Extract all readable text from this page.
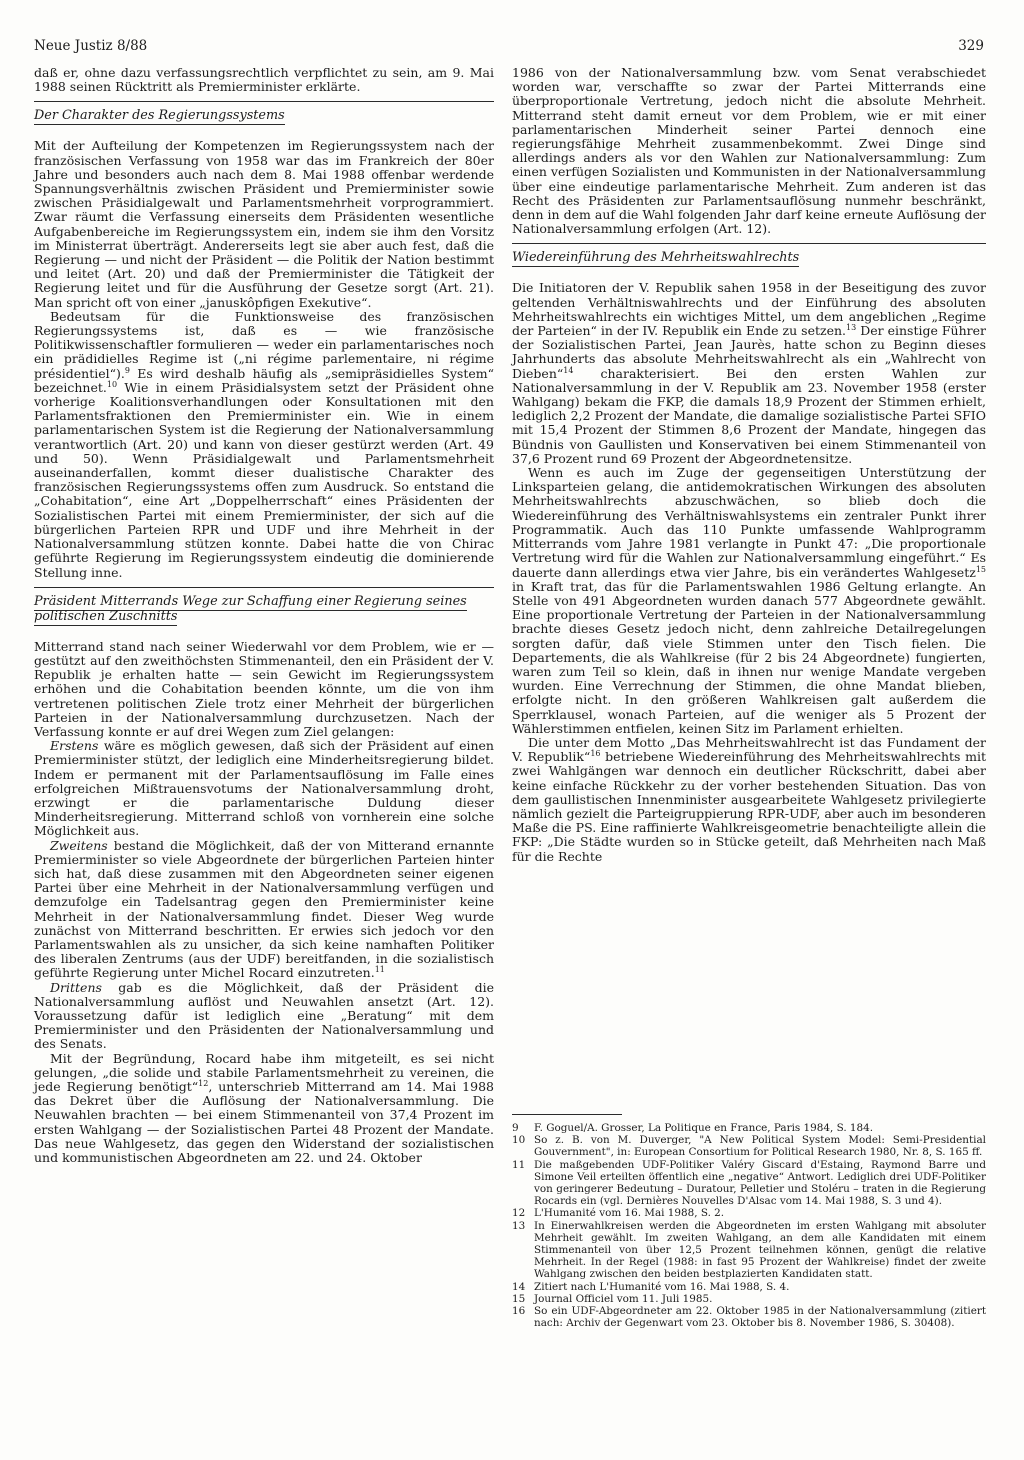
Neue Justiz 8/88	329

daß er, ohne dazu verfassungsrechtlich verpflichtet zu sein, am 9. Mai 1988 seinen Rücktritt als Premierminister erklärte.

Der Charakter des Regierungssystems

Mit der Aufteilung der Kompetenzen im Regierungssystem nach der französischen Verfassung von 1958 war das im Frankreich der 80er Jahre und besonders auch nach dem 8. Mai 1988 offenbar werdende Spannungsverhältnis zwischen Präsident und Premierminister sowie zwischen Präsidialgewalt und Parlamentsmehrheit vorprogrammiert. Zwar räumt die Verfassung einerseits dem Präsidenten wesentliche Aufgabenbereiche im Regierungssystem ein, indem sie ihm den Vorsitz im Ministerrat überträgt. Andererseits legt sie aber auch fest, daß die Regierung — und nicht der Präsident — die Politik der Nation bestimmt und leitet (Art. 20) und daß der Premierminister die Tätigkeit der Regierung leitet und für die Ausführung der Gesetze sorgt (Art. 21). Man spricht oft von einer „januskôpfigen Exekutive“.

Bedeutsam für die Funktionsweise des französischen Regierungssystems ist, daß es — wie französische Politikwissenschaftler formulieren — weder ein parlamentarisches noch ein prädidielles Regime ist („ni régime parlementaire, ni régime présidentiel“).$^9$ Es wird deshalb häufig als „semipräsidielles System“ bezeichnet.$^{10}$ Wie in einem Präsidialsystem setzt der Präsident ohne vorherige Koalitionsverhandlungen oder Konsultationen mit den Parlamentsfraktionen den Premierminister ein. Wie in einem parlamentarischen System ist die Regierung der Nationalversammlung verantwortlich (Art. 20) und kann von dieser gestürzt werden (Art. 49 und 50). Wenn Präsidialgewalt und Parlamentsmehrheit auseinanderfallen, kommt dieser dualistische Charakter des französischen Regierungssystems offen zum Ausdruck. So entstand die „Cohabitation“, eine Art „Doppelherrschaft“ eines Präsidenten der Sozialistischen Partei mit einem Premierminister, der sich auf die bürgerlichen Parteien RPR und UDF und ihre Mehrheit in der Nationalversammlung stützen konnte. Dabei hatte die von Chirac geführte Regierung im Regierungssystem eindeutig die dominierende Stellung inne.

Präsident Mitterrands Wege zur Schaffung einer Regierung seines politischen Zuschnitts

Mitterrand stand nach seiner Wiederwahl vor dem Problem, wie er — gestützt auf den zweithöchsten Stimmenanteil, den ein Präsident der V. Republik je erhalten hatte — sein Gewicht im Regierungssystem erhöhen und die Cohabitation beenden könnte, um die von ihm vertretenen politischen Ziele trotz einer Mehrheit der bürgerlichen Parteien in der Nationalversammlung durchzusetzen. Nach der Verfassung konnte er auf drei Wegen zum Ziel gelangen:

Erstens wäre es möglich gewesen, daß sich der Präsident auf einen Premierminister stützt, der lediglich eine Minderheitsregierung bildet. Indem er permanent mit der Parlamentsauflösung im Falle eines erfolgreichen Mißtrauensvotums der Nationalversammlung droht, erzwingt er die parlamentarische Duldung dieser Minderheitsregierung. Mitterrand schloß von vornherein eine solche Möglichkeit aus.

Zweitens bestand die Möglichkeit, daß der von Mitterand ernannte Premierminister so viele Abgeordnete der bürgerlichen Parteien hinter sich hat, daß diese zusammen mit den Abgeordneten seiner eigenen Partei über eine Mehrheit in der Nationalversammlung verfügen und demzufolge ein Tadelsantrag gegen den Premierminister keine Mehrheit in der Nationalversammlung findet. Dieser Weg wurde zunächst von Mitterrand beschritten. Er erwies sich jedoch vor den Parlamentswahlen als zu unsicher, da sich keine namhaften Politiker des liberalen Zentrums (aus der UDF) bereitfanden, in die sozialistisch geführte Regierung unter Michel Rocard einzutreten.$^{11}$

Drittens gab es die Möglichkeit, daß der Präsident die Nationalversammlung auflöst und Neuwahlen ansetzt (Art. 12). Voraussetzung dafür ist lediglich eine „Beratung“ mit dem Premierminister und den Präsidenten der Nationalversammlung und des Senats.

Mit der Begründung, Rocard habe ihm mitgeteilt, es sei nicht gelungen, „die solide und stabile Parlamentsmehrheit zu vereinen, die jede Regierung benötigt“$^{12}$, unterschrieb Mitterrand am 14. Mai 1988 das Dekret über die Auflösung der Nationalversammlung. Die Neuwahlen brachten — bei einem Stimmenanteil von 37,4 Prozent im ersten Wahlgang — der Sozialistischen Partei 48 Prozent der Mandate. Das neue Wahlgesetz, das gegen den Widerstand der sozialistischen und kommunistischen Abgeordneten am 22. und 24. Oktober

1986 von der Nationalversammlung bzw. vom Senat verabschiedet worden war, verschaffte so zwar der Partei Mitterrands eine überproportionale Vertretung, jedoch nicht die absolute Mehrheit. Mitterrand steht damit erneut vor dem Problem, wie er mit einer parlamentarischen Minderheit seiner Partei dennoch eine regierungsfähige Mehrheit zusammenbekommt. Zwei Dinge sind allerdings anders als vor den Wahlen zur Nationalversammlung: Zum einen verfügen Sozialisten und Kommunisten in der Nationalversammlung über eine eindeutige parlamentarische Mehrheit. Zum anderen ist das Recht des Präsidenten zur Parlamentsauflösung nunmehr beschränkt, denn in dem auf die Wahl folgenden Jahr darf keine erneute Auflösung der Nationalversammlung erfolgen (Art. 12).

Wiedereinführung des Mehrheitswahlrechts

Die Initiatoren der V. Republik sahen 1958 in der Beseitigung des zuvor geltenden Verhältniswahlrechts und der Einführung des absoluten Mehrheitswahlrechts ein wichtiges Mittel, um dem angeblichen „Regime der Parteien“ in der IV. Republik ein Ende zu setzen.$^{13}$ Der einstige Führer der Sozialistischen Partei, Jean Jaurès, hatte schon zu Beginn dieses Jahrhunderts das absolute Mehrheitswahlrecht als ein „Wahlrecht von Dieben“$^{14}$ charakterisiert. Bei den ersten Wahlen zur Nationalversammlung in der V. Republik am 23. November 1958 (erster Wahlgang) bekam die FKP, die damals 18,9 Prozent der Stimmen erhielt, lediglich 2,2 Prozent der Mandate, die damalige sozialistische Partei SFIO mit 15,4 Prozent der Stimmen 8,6 Prozent der Mandate, hingegen das Bündnis von Gaullisten und Konservativen bei einem Stimmenanteil von 37,6 Prozent rund 69 Prozent der Abgeordnetensitze.

Wenn es auch im Zuge der gegenseitigen Unterstützung der Linksparteien gelang, die antidemokratischen Wirkungen des absoluten Mehrheitswahlrechts abzuschwächen, so blieb doch die Wiedereinführung des Verhältniswahlsystems ein zentraler Punkt ihrer Programmatik. Auch das 110 Punkte umfassende Wahlprogramm Mitterrands vom Jahre 1981 verlangte in Punkt 47: „Die proportionale Vertretung wird für die Wahlen zur Nationalversammlung eingeführt.“ Es dauerte dann allerdings etwa vier Jahre, bis ein verändertes Wahlgesetz$^{15}$ in Kraft trat, das für die Parlamentswahlen 1986 Geltung erlangte. An Stelle von 491 Abgeordneten wurden danach 577 Abgeordnete gewählt. Eine proportionale Vertretung der Parteien in der Nationalversammlung brachte dieses Gesetz jedoch nicht, denn zahlreiche Detailregelungen sorgten dafür, daß viele Stimmen unter den Tisch fielen. Die Departements, die als Wahlkreise (für 2 bis 24 Abgeordnete) fungierten, waren zum Teil so klein, daß in ihnen nur wenige Mandate vergeben wurden. Eine Verrechnung der Stimmen, die ohne Mandat blieben, erfolgte nicht. In den größeren Wahlkreisen galt außerdem die Sperrklausel, wonach Parteien, auf die weniger als 5 Prozent der Wählerstimmen entfielen, keinen Sitz im Parlament erhielten.

Die unter dem Motto „Das Mehrheitswahlrecht ist das Fundament der V. Republik“$^{16}$ betriebene Wiedereinführung des Mehrheitswahlrechts mit zwei Wahlgängen war dennoch ein deutlicher Rückschritt, dabei aber keine einfache Rückkehr zu der vorher bestehenden Situation. Das von dem gaullistischen Innenminister ausgearbeitete Wahlgesetz privilegierte nämlich gezielt die Parteigruppierung RPR-UDF, aber auch im besonderen Maße die PS. Eine raffinierte Wahlkreisgeometrie benachteiligte allein die FKP: „Die Städte wurden so in Stücke geteilt, daß Mehrheiten nach Maß für die Rechte

9	F. Goguel/A. Grosser, La Politique en France, Paris 1984, S. 184.
10 So z. B. von M. Duverger, "A New Political System Model: Semi-Presidential Gouvernment", in: European Consortium for Political Research 1980, Nr. 8, S. 165 ff.
11 Die maßgebenden UDF-Politiker Valéry Giscard d'Estaing, Raymond Barre und Simone Veil erteilten öffentlich eine „negative“ Antwort. Lediglich drei UDF-Politiker von geringerer Bedeutung – Duratour, Pelletier und Stoléru – traten in die Regierung Rocards ein (vgl. Dernières Nouvelles D'Alsac vom 14. Mai 1988, S. 3 und 4).
12 L'Humanité vom 16. Mai 1988, S. 2.
13 In Einerwahlkreisen werden die Abgeordneten im ersten Wahlgang mit absoluter Mehrheit gewählt. Im zweiten Wahlgang, an dem alle Kandidaten mit einem Stimmenanteil von über 12,5 Prozent teilnehmen können, genügt die relative Mehrheit. In der Regel (1988: in fast 95 Prozent der Wahlkreise) findet der zweite Wahlgang zwischen den beiden bestplazierten Kandidaten statt.
14 Zitiert nach L'Humanité vom 16. Mai 1988, S. 4.
15 Journal Officiel vom 11. Juli 1985.
16 So ein UDF-Abgeordneter am 22. Oktober 1985 in der Nationalversammlung (zitiert nach: Archiv der Gegenwart vom 23. Oktober bis 8. November 1986, S. 30408).
